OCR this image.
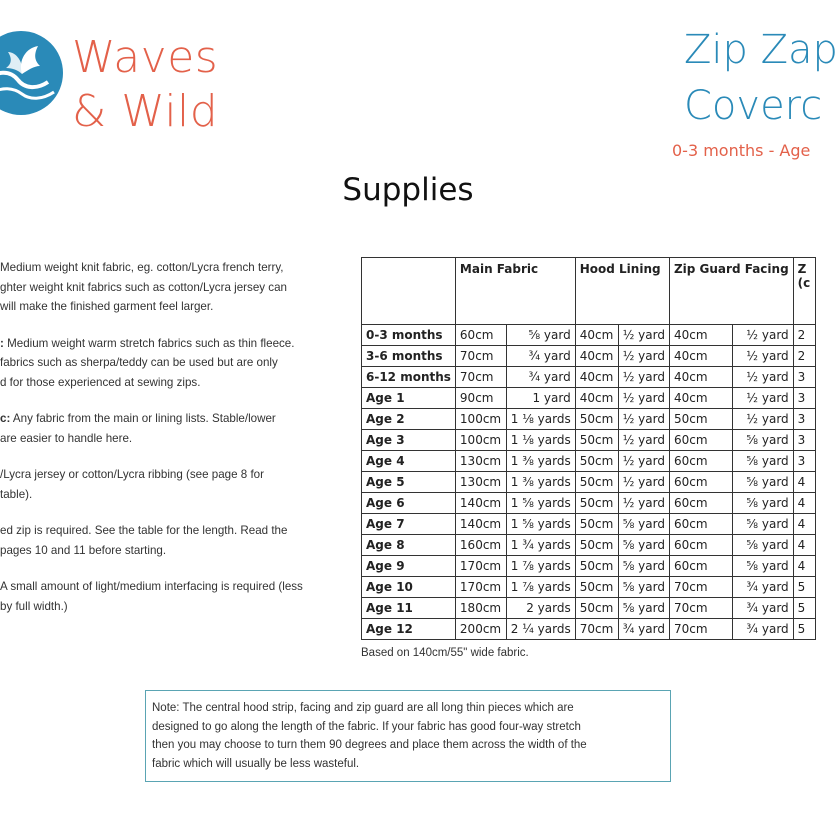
Waves
& Wild
Zip Zap
Coverc
0-3 months - Age
Supplies

Medium weight knit fabric, eg. cotton/Lycra french terry,
ghter weight knit fabrics such as cotton/Lycra jersey can
will make the finished garment feel larger.

: Medium weight warm stretch fabrics such as thin fleece.
fabrics such as sherpa/teddy can be used but are only
d for those experienced at sewing zips.

c: Any fabric from the main or lining lists. Stable/lower
are easier to handle here.

/Lycra jersey or cotton/Lycra ribbing (see page 8 for
table).

ed zip is required. See the table for the length. Read the
pages 10 and 11 before starting.

A small amount of light/medium interfacing is required (less
by full width.)

	Main Fabric		Hood Lining		Zip Guard Facing		Z
(c
0-3 months	60cm	⅝ yard	40cm	½ yard	40cm	½ yard	2
3-6 months	70cm	¾ yard	40cm	½ yard	40cm	½ yard	2
6-12 months	70cm	¾ yard	40cm	½ yard	40cm	½ yard	3
Age 1	90cm	1 yard	40cm	½ yard	40cm	½ yard	3
Age 2	100cm	1 ⅛ yards	50cm	½ yard	50cm	½ yard	3
Age 3	100cm	1 ⅛ yards	50cm	½ yard	60cm	⅝ yard	3
Age 4	130cm	1 ⅜ yards	50cm	½ yard	60cm	⅝ yard	3
Age 5	130cm	1 ⅜ yards	50cm	½ yard	60cm	⅝ yard	4
Age 6	140cm	1 ⅝ yards	50cm	½ yard	60cm	⅝ yard	4
Age 7	140cm	1 ⅝ yards	50cm	⅝ yard	60cm	⅝ yard	4
Age 8	160cm	1 ¾ yards	50cm	⅝ yard	60cm	⅝ yard	4
Age 9	170cm	1 ⅞ yards	50cm	⅝ yard	60cm	⅝ yard	4
Age 10	170cm	1 ⅞ yards	50cm	⅝ yard	70cm	¾ yard	5
Age 11	180cm	2 yards	50cm	⅝ yard	70cm	¾ yard	5
Age 12	200cm	2 ¼ yards	70cm	¾ yard	70cm	¾ yard	5
Based on 140cm/55" wide fabric.
Note: The central hood strip, facing and zip guard are all long thin pieces which are
designed to go along the length of the fabric. If your fabric has good four-way stretch
then you may choose to turn them 90 degrees and place them across the width of the
fabric which will usually be less wasteful.
